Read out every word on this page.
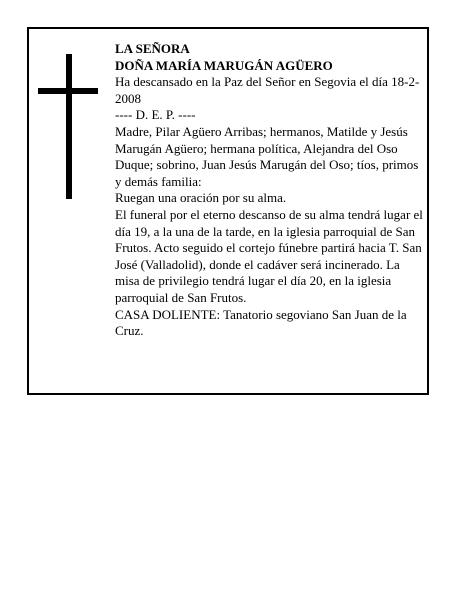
LA SEÑORA

DOÑA MARÍA MARUGÁN AGÜERO

Ha descansado en la Paz del Señor en Segovia el día 18-2-2008

---- D. E. P. ----

Madre, Pilar Agüero Arribas; hermanos, Matilde y Jesús Marugán Agüero; hermana política, Alejandra del Oso Duque; sobrino, Juan Jesús Marugán del Oso; tíos, primos y demás familia:

Ruegan una oración por su alma.

El funeral por el eterno descanso de su alma tendrá lugar el día 19, a la una de la tarde, en la iglesia parroquial de San Frutos. Acto seguido el cortejo fúnebre partirá hacia T. San José (Valladolid), donde el cadáver será incinerado. La misa de privilegio tendrá lugar el día 20, en la iglesia parroquial de San Frutos.

CASA DOLIENTE: Tanatorio segoviano San Juan de la Cruz.
